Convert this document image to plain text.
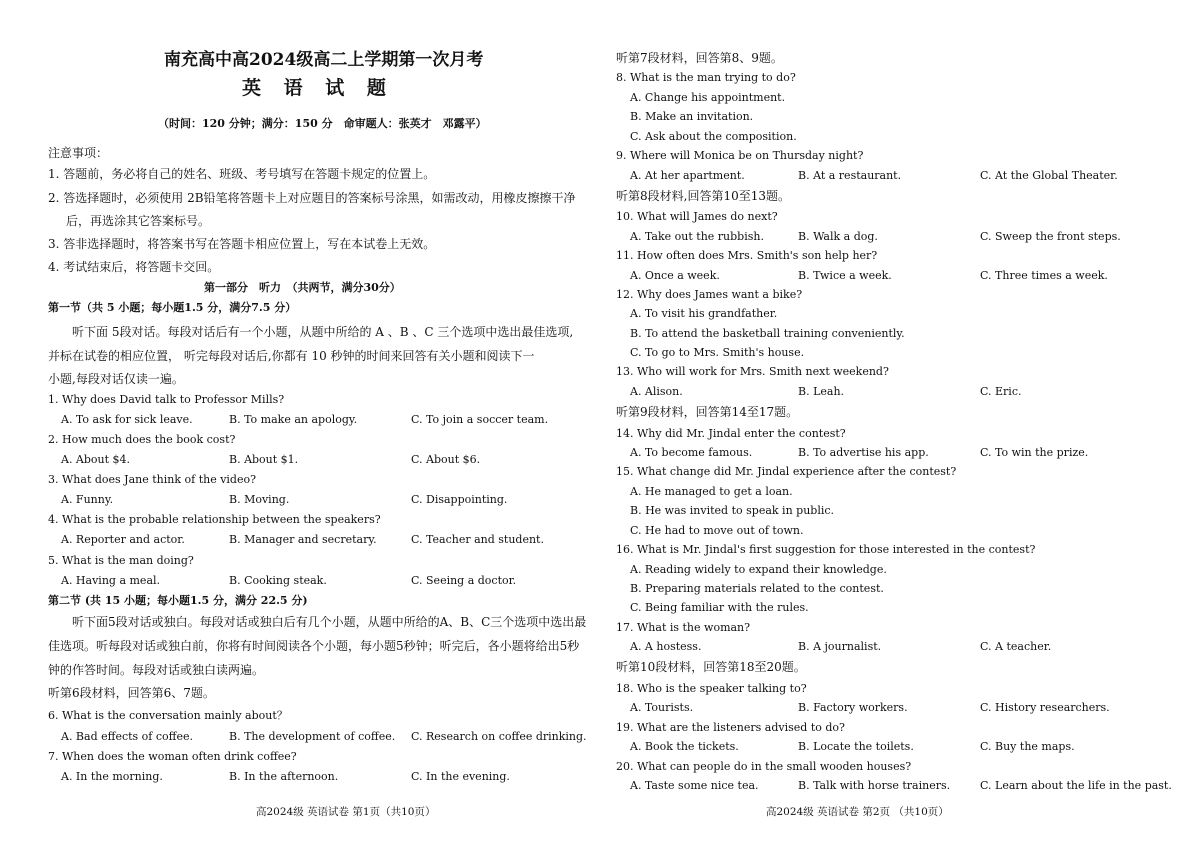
南充高中高2024级高二上学期第一次月考
英 语 试 题
（时间：120 分钟；满分：150 分　命审题人：张英才　邓露平）
注意事项：
1. 答题前，务必将自己的姓名、班级、考号填写在答题卡规定的位置上。
2. 答选择题时，必须使用 2B铅笔将答题卡上对应题目的答案标号涂黑，如需改动，用橡皮擦擦干净
后，再选涂其它答案标号。
3. 答非选择题时，将答案书写在答题卡相应位置上，写在本试卷上无效。
4. 考试结束后，将答题卡交回。
第一部分　听力　（共两节，满分30分）
第一节（共 5 小题；每小题1.5 分，满分7.5 分）
听下面 5段对话。每段对话后有一个小题，从题中所给的 A 、B 、C 三个选项中选出最佳选项,
并标在试卷的相应位置， 听完每段对话后,你都有 10 秒钟的时间来回答有关小题和阅读下一
小题,每段对话仅读一遍。
1. Why does David talk to Professor Mills?
A. To ask for sick leave.	B. To make an apology.	C. To join a soccer team.
2. How much does the book cost?
A. About $4.	B. About $1.	C. About $6.
3. What does Jane think of the video?
A. Funny.	B. Moving.	C. Disappointing.
4. What is the probable relationship between the speakers?
A. Reporter and actor.	B. Manager and secretary.	C. Teacher and student.
5. What is the man doing?
A. Having a meal.	B. Cooking steak.	C. Seeing a doctor.
第二节 (共 15 小题；每小题1.5 分，满分 22.5 分)
听下面5段对话或独白。每段对话或独白后有几个小题，从题中所给的A、B、C三个选项中选出最
佳选项。听每段对话或独白前，你将有时间阅读各个小题，每小题5秒钟；听完后，各小题将给出5秒
钟的作答时间。每段对话或独白读两遍。
听第6段材料，回答第6、7题。
6. What is the conversation mainly about？
A. Bad effects of coffee.	B. The development of coffee. C. Research on coffee drinking.
7. When does the woman often drink coffee?
A. In the morning.	B. In the afternoon.	C. In the evening.
高2024级 英语试卷 第1页（共10页）
听第7段材料，回答第8、9题。
8. What is the man trying to do?
A. Change his appointment.
B. Make an invitation.
C. Ask about the composition.
9. Where will Monica be on Thursday night?
A. At her apartment.	B. At a restaurant.	C. At the Global Theater.
听第8段材料,回答第10至13题。
10. What will James do next?
A. Take out the rubbish.	B. Walk a dog.	C. Sweep the front steps.
11. How often does Mrs. Smith's son help her?
A. Once a week.	B. Twice a week.	C. Three times a week.
12. Why does James want a bike?
A. To visit his grandfather.
B. To attend the basketball training conveniently.
C. To go to Mrs. Smith's house.
13. Who will work for Mrs. Smith next weekend?
A. Alison.	B. Leah.	C. Eric.
听第9段材料，回答第14至17题。
14. Why did Mr. Jindal enter the contest?
A. To become famous.	B. To advertise his app.	C. To win the prize.
15. What change did Mr. Jindal experience after the contest?
A. He managed to get a loan.
B. He was invited to speak in public.
C. He had to move out of town.
16. What is Mr. Jindal's first suggestion for those interested in the contest?
A. Reading widely to expand their knowledge.
B. Preparing materials related to the contest.
C. Being familiar with the rules.
17. What is the woman?
A. A hostess.	B. A journalist.	C. A teacher.
听第10段材料，回答第18至20题。
18. Who is the speaker talking to?
A. Tourists.	B. Factory workers.	C. History researchers.
19. What are the listeners advised to do?
A. Book the tickets.	B. Locate the toilets.	C. Buy the maps.
20. What can people do in the small wooden houses?
A. Taste some nice tea.	B. Talk with horse trainers.	C. Learn about the life in the past.
高2024级 英语试卷 第2页 （共10页）
